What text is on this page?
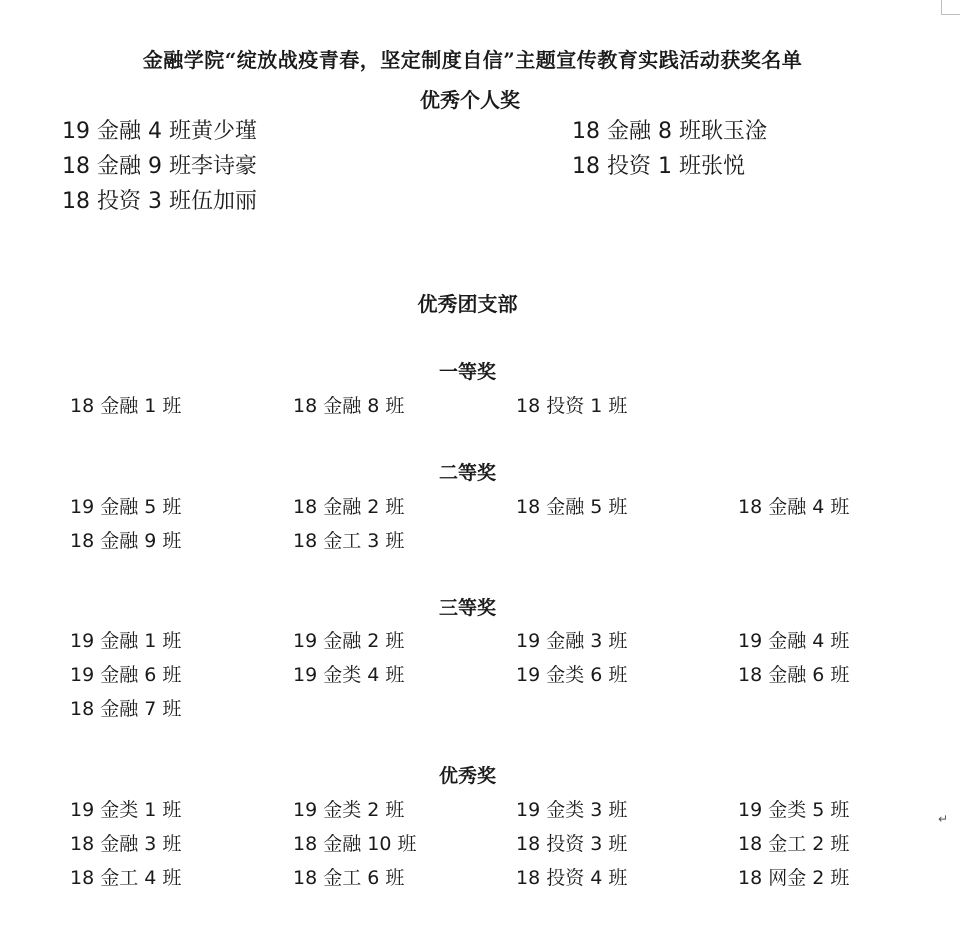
金融学院“绽放战疫青春，坚定制度自信”主题宣传教育实践活动获奖名单
优秀个人奖
19 金融 4 班黄少瑾	18 金融 8 班耿玉淦
18 金融 9 班李诗豪	18 投资 1 班张悦
18 投资 3 班伍加丽
优秀团支部
一等奖
18 金融 1 班	18 金融 8 班	18 投资 1 班
二等奖
19 金融 5 班	18 金融 2 班	18 金融 5 班	18 金融 4 班
18 金融 9 班	18 金工 3 班
三等奖
19 金融 1 班	19 金融 2 班	19 金融 3 班	19 金融 4 班
19 金融 6 班	19 金类 4 班	19 金类 6 班	18 金融 6 班
18 金融 7 班
优秀奖
19 金类 1 班	19 金类 2 班	19 金类 3 班	19 金类 5 班
18 金融 3 班	18 金融 10 班	18 投资 3 班	18 金工 2 班
18 金工 4 班	18 金工 6 班	18 投资 4 班	18 网金 2 班
↵
